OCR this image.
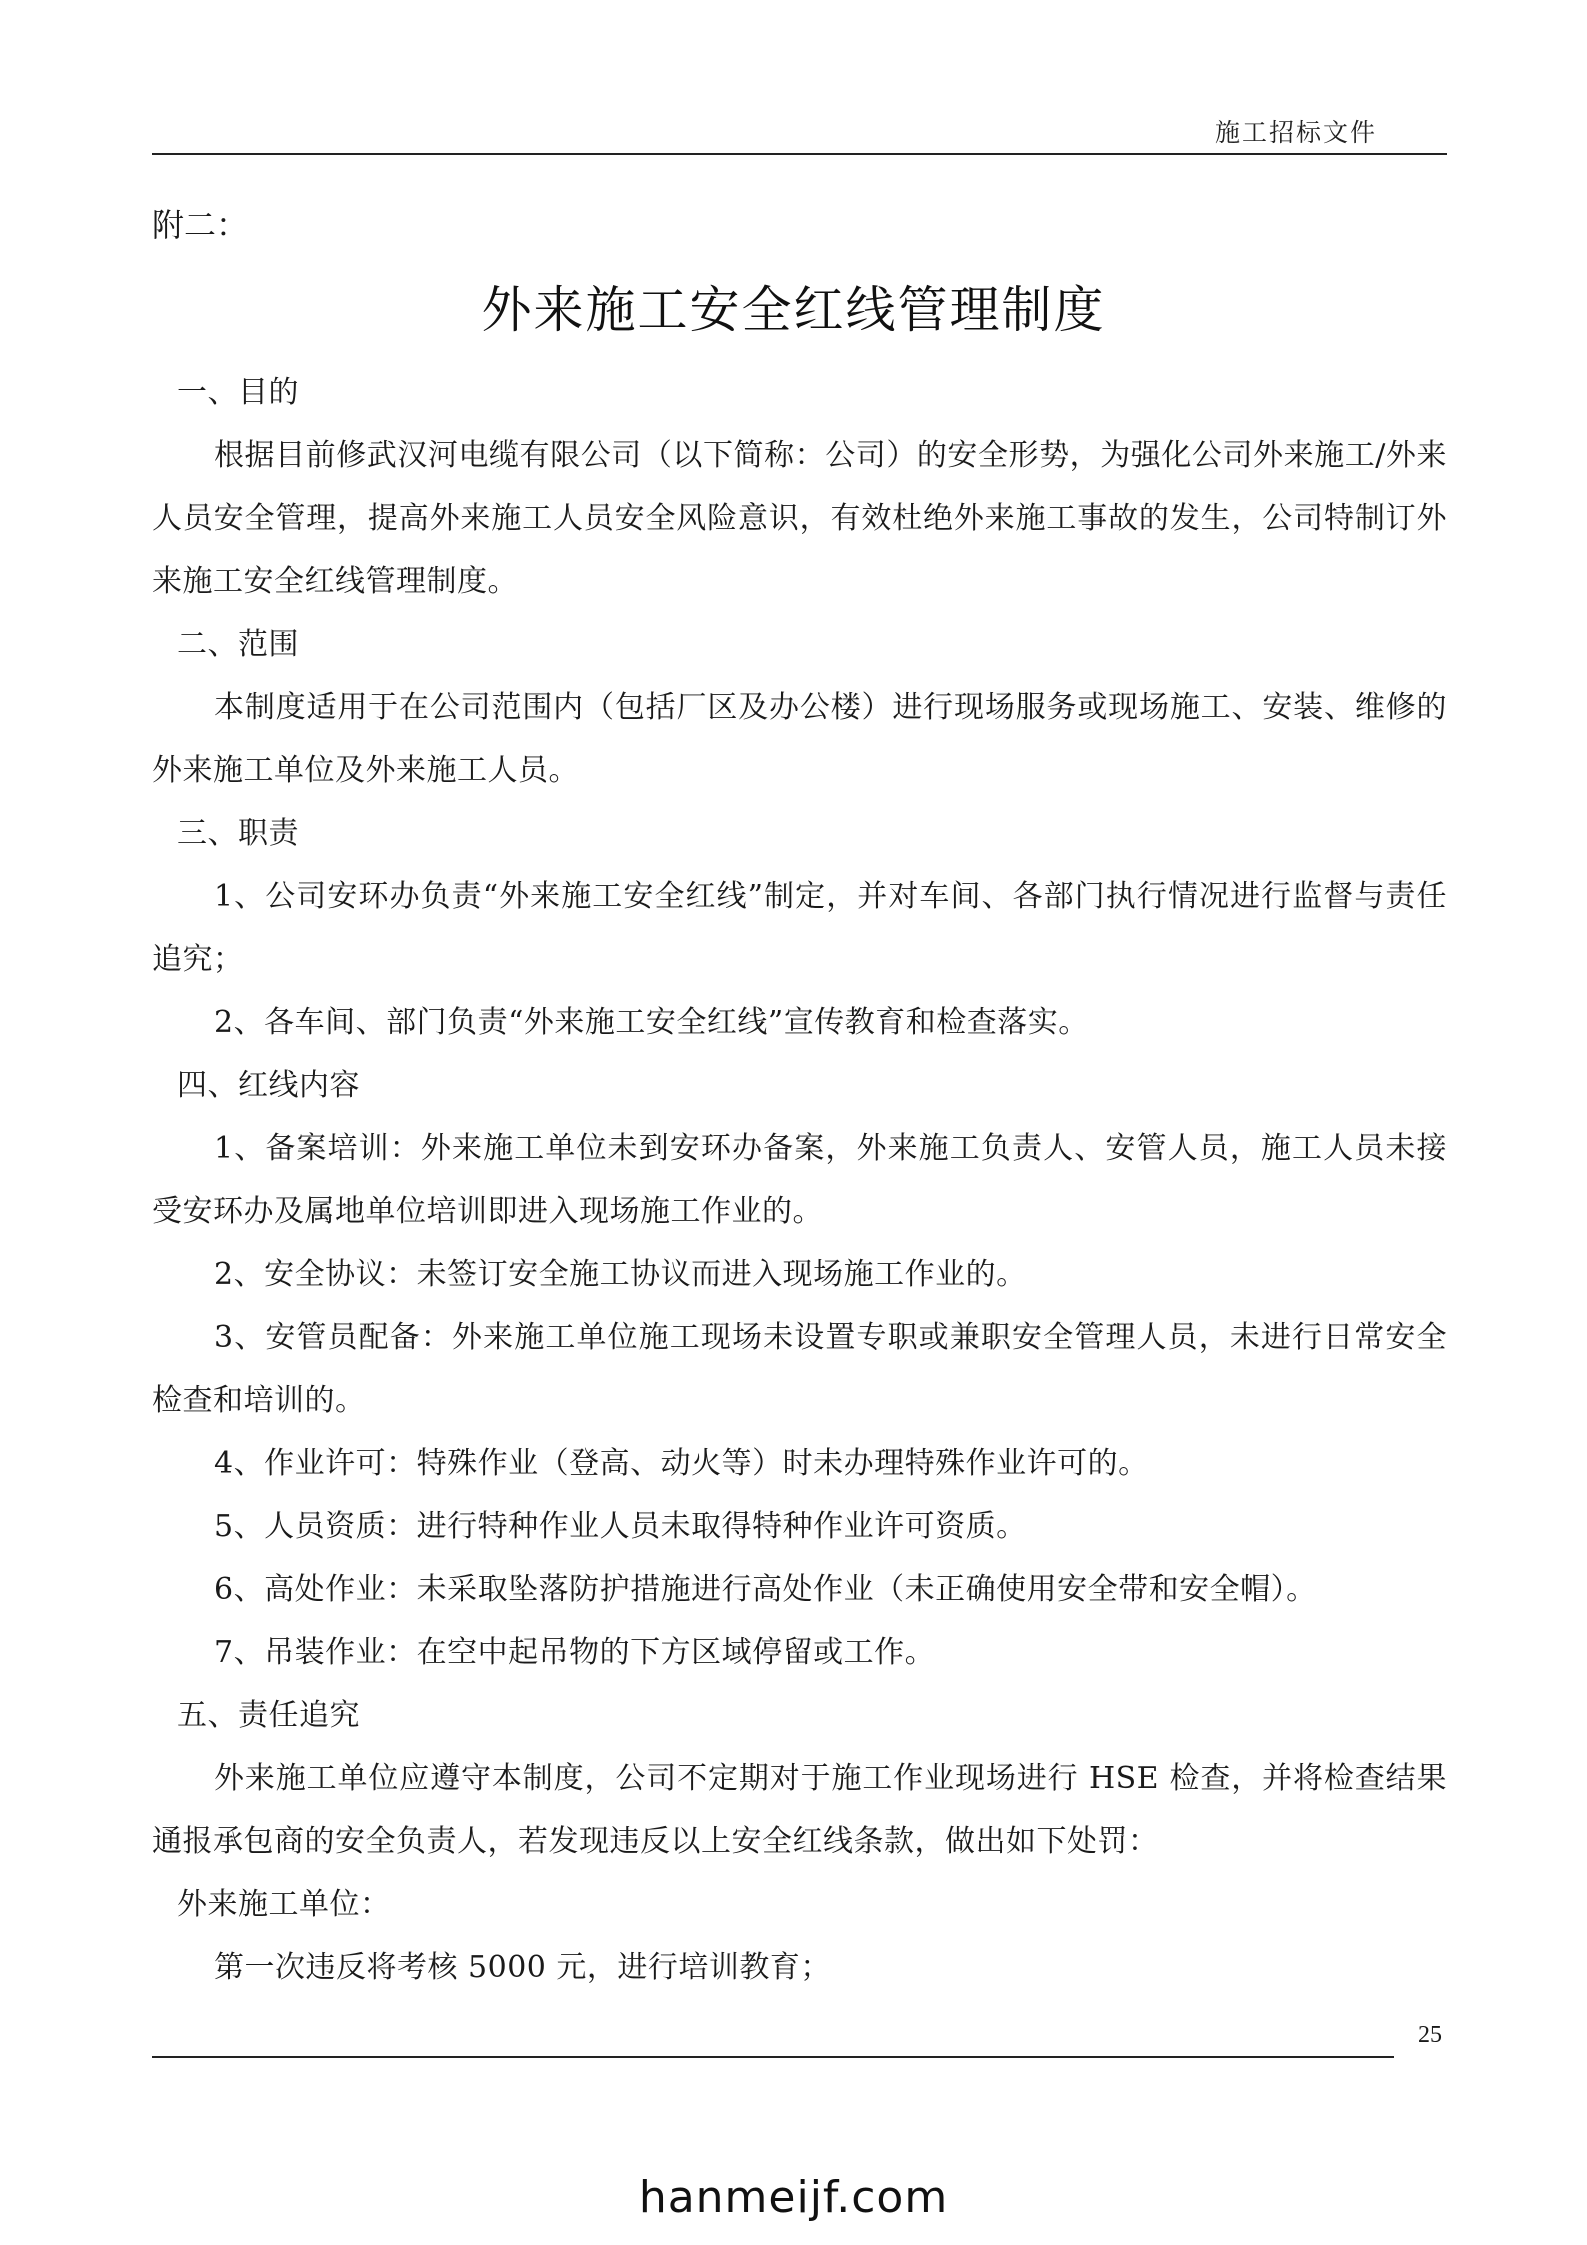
施工招标文件
附二：
外来施工安全红线管理制度

一、目的

根据目前修武汉河电缆有限公司（以下简称：公司）的安全形势，为强化公司外来施工/外来人员安全管理，提高外来施工人员安全风险意识，有效杜绝外来施工事故的发生，公司特制订外来施工安全红线管理制度。

二、范围

本制度适用于在公司范围内（包括厂区及办公楼）进行现场服务或现场施工、安装、维修的外来施工单位及外来施工人员。

三、职责

1、公司安环办负责“外来施工安全红线”制定，并对车间、各部门执行情况进行监督与责任追究；

2、各车间、部门负责“外来施工安全红线”宣传教育和检查落实。

四、红线内容

1、备案培训：外来施工单位未到安环办备案，外来施工负责人、安管人员，施工人员未接受安环办及属地单位培训即进入现场施工作业的。

2、安全协议：未签订安全施工协议而进入现场施工作业的。

3、安管员配备：外来施工单位施工现场未设置专职或兼职安全管理人员，未进行日常安全检查和培训的。

4、作业许可：特殊作业（登高、动火等）时未办理特殊作业许可的。

5、人员资质：进行特种作业人员未取得特种作业许可资质。

6、高处作业：未采取坠落防护措施进行高处作业（未正确使用安全带和安全帽）。

7、吊装作业：在空中起吊物的下方区域停留或工作。

五、责任追究

外来施工单位应遵守本制度，公司不定期对于施工作业现场进行 HSE 检查，并将检查结果通报承包商的安全负责人，若发现违反以上安全红线条款，做出如下处罚：

外来施工单位：

第一次违反将考核 5000 元，进行培训教育；

25
hanmeijf.com
